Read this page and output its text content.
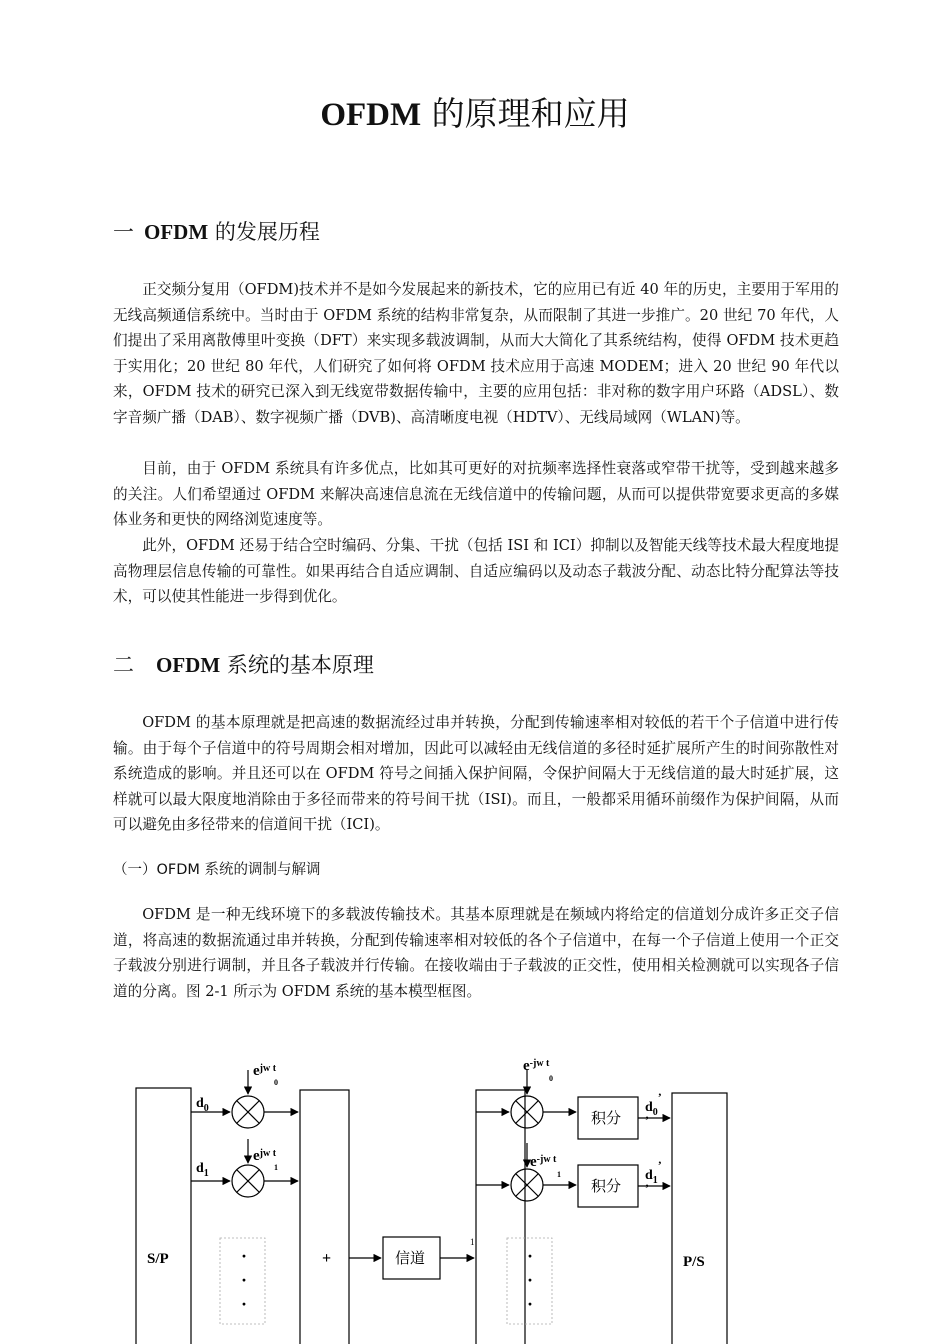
OFDM 的原理和应用
一 OFDM 的发展历程

正交频分复用（OFDM)技术并不是如今发展起来的新技术，它的应用已有近 40 年的历史，主要用于军用的无线高频通信系统中。当时由于 OFDM 系统的结构非常复杂，从而限制了其进一步推广。20 世纪 70 年代，人们提出了采用离散傅里叶变换（DFT）来实现多载波调制，从而大大简化了其系统结构，使得 OFDM 技术更趋于实用化；20 世纪 80 年代，人们研究了如何将 OFDM 技术应用于高速 MODEM；进入 20 世纪 90 年代以来，OFDM 技术的研究已深入到无线宽带数据传输中，主要的应用包括：非对称的数字用户环路（ADSL）、数字音频广播（DAB）、数字视频广播（DVB)、高清晰度电视（HDTV）、无线局域网（WLAN)等。

目前，由于 OFDM 系统具有许多优点，比如其可更好的对抗频率选择性衰落或窄带干扰等，受到越来越多的关注。人们希望通过 OFDM 来解决高速信息流在无线信道中的传输问题，从而可以提供带宽要求更高的多媒体业务和更快的网络浏览速度等。

此外，OFDM 还易于结合空时编码、分集、干扰（包括 ISI 和 ICI）抑制以及智能天线等技术最大程度地提高物理层信息传输的可靠性。如果再结合自适应调制、自适应编码以及动态子载波分配、动态比特分配算法等技术，可以使其性能进一步得到优化。

二 OFDM 系统的基本原理

OFDM 的基本原理就是把高速的数据流经过串并转换，分配到传输速率相对较低的若干个子信道中进行传输。由于每个子信道中的符号周期会相对增加，因此可以减轻由无线信道的多径时延扩展所产生的时间弥散性对系统造成的影响。并且还可以在 OFDM 符号之间插入保护间隔，令保护间隔大于无线信道的最大时延扩展，这样就可以最大限度地消除由于多径而带来的符号间干扰（ISI)。而且，一般都采用循环前缀作为保护间隔，从而可以避免由多径带来的信道间干扰（ICI)。

（一）OFDM 系统的调制与解调

OFDM 是一种无线环境下的多载波传输技术。其基本原理就是在频域内将给定的信道划分成许多正交子信道，将高速的数据流通过串并转换，分配到传输速率相对较低的各个子信道中，在每一个子信道上使用一个正交子载波分别进行调制，并且各子载波并行传输。在接收端由于子载波的正交性，使用相关检测就可以实现各子信道的分离。图 2-1 所示为 OFDM 系统的基本模型框图。

S/P	+	信道	P/S
·
·
·
·
·
·
$d_0$
$d_1$
$e^{jw t}$
0
$e^{jw t}$
1
1
$e^{-jw t}$
0
$e^{-jw t}$
1
积分
积分
$d_0$’
’
$d_1$’
’
